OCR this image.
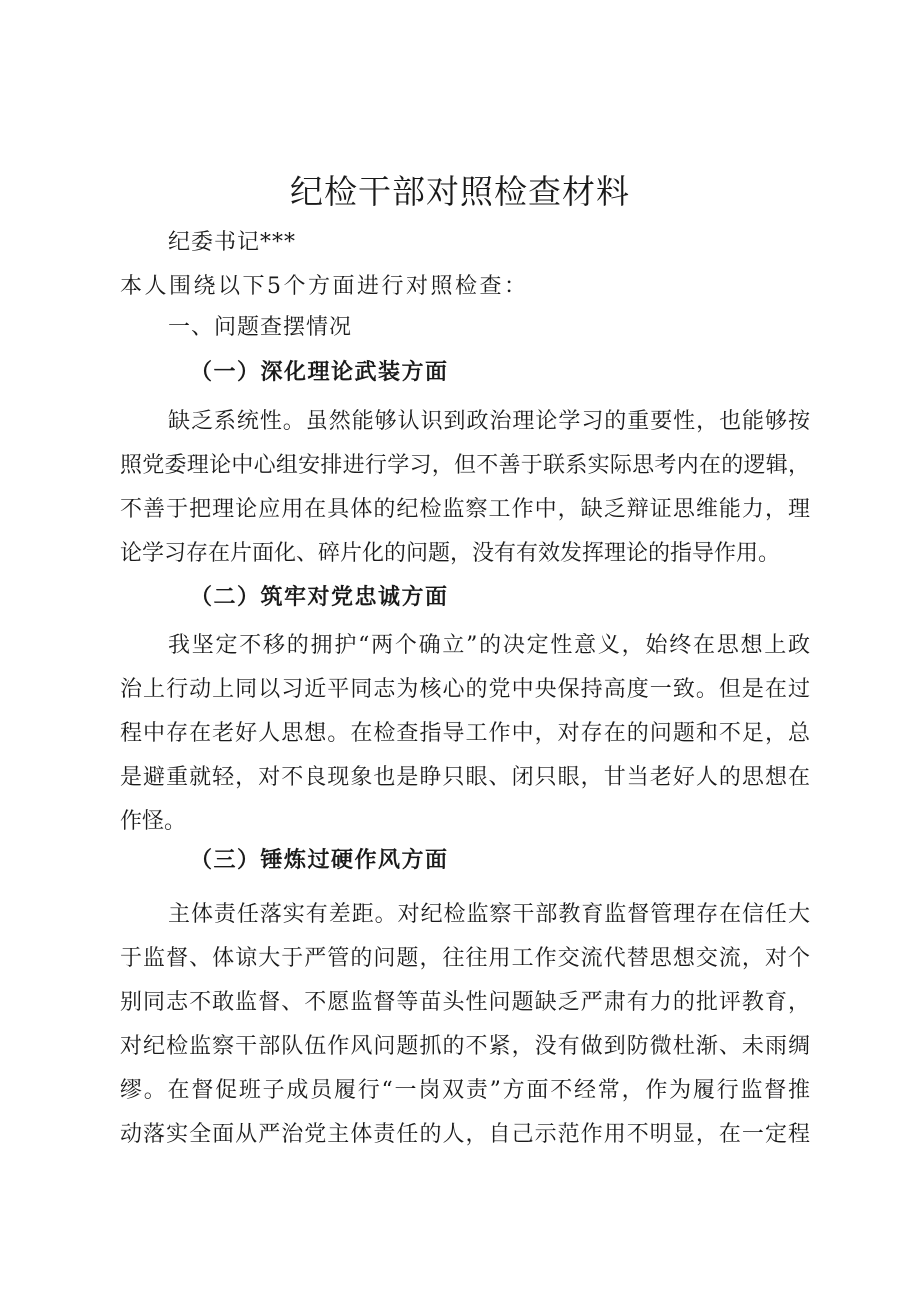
纪检干部对照检查材料

纪委书记***

本人围绕以下5个方面进行对照检查：

一、问题查摆情况

（一）深化理论武装方面

缺乏系统性。虽然能够认识到政治理论学习的重要性，也能够按
照党委理论中心组安排进行学习，但不善于联系实际思考内在的逻辑，
不善于把理论应用在具体的纪检监察工作中，缺乏辩证思维能力，理
论学习存在片面化、碎片化的问题，没有有效发挥理论的指导作用。

（二）筑牢对党忠诚方面

我坚定不移的拥护“两个确立”的决定性意义，始终在思想上政
治上行动上同以习近平同志为核心的党中央保持高度一致。但是在过
程中存在老好人思想。在检查指导工作中，对存在的问题和不足，总
是避重就轻，对不良现象也是睁只眼、闭只眼，甘当老好人的思想在
作怪。

（三）锤炼过硬作风方面

主体责任落实有差距。对纪检监察干部教育监督管理存在信任大
于监督、体谅大于严管的问题，往往用工作交流代替思想交流，对个
别同志不敢监督、不愿监督等苗头性问题缺乏严肃有力的批评教育，
对纪检监察干部队伍作风问题抓的不紧，没有做到防微杜渐、未雨绸
缪。在督促班子成员履行“一岗双责”方面不经常，作为履行监督推
动落实全面从严治党主体责任的人，自己示范作用不明显，在一定程
